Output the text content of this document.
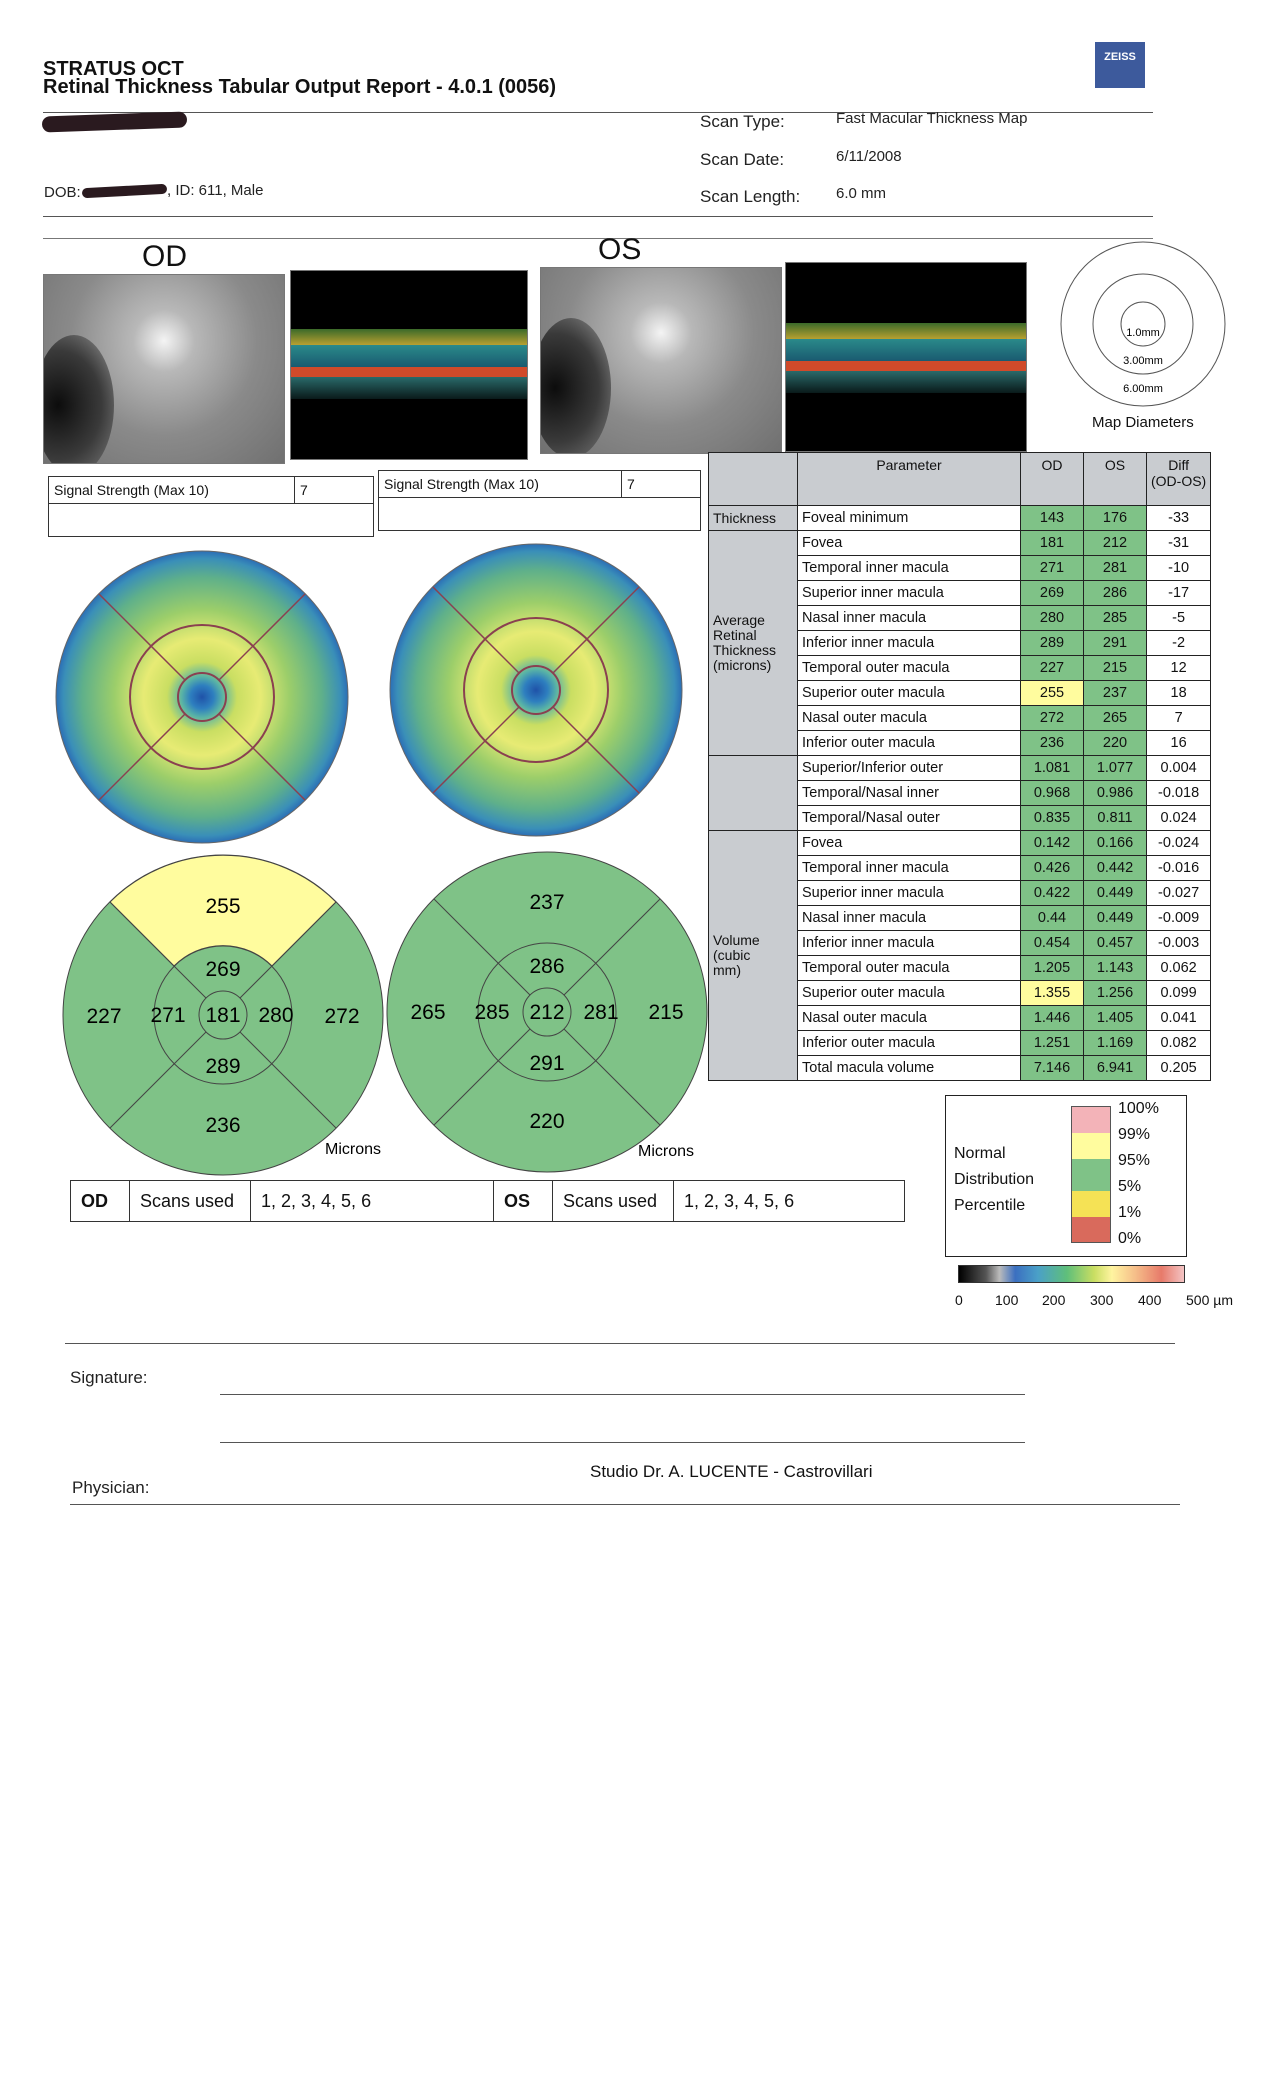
STRATUS OCT
Retinal Thickness Tabular Output Report - 4.0.1 (0056)
ZEISS
Scan Type:	Fast Macular Thickness Map
Scan Date:	6/11/2008
Scan Length: 6.0 mm
DOB:	, ID: 611, Male
OD	OS
1.0mm
3.00mm
6.00mm
Map Diameters
Signal Strength (Max 10)	7	Signal Strength (Max 10)	7

181
269
289
271	280
255
236
227	272
Microns
212
286
291
285	281
237
220
265	215
Microns
	Parameter	OD	OS	Diff
(OD-OS)
Thickness	Foveal minimum	143	176	-33

Average
Retinal
Thickness
(microns)	Fovea	181	212	-31
	Temporal inner macula	271	281	-10
	Superior inner macula	269	286	-17
	Nasal inner macula	280	285	-5
	Inferior inner macula	289	291	-2
	Temporal outer macula	227	215	12
	Superior outer macula	255	237	18
	Nasal outer macula	272	265	7
	Inferior outer macula	236	220	16
	Superior/Inferior outer	1.081	1.077	0.004
	Temporal/Nasal inner	0.968	0.986	-0.018
	Temporal/Nasal outer	0.835	0.811	0.024

Volume
(cubic
mm)	Fovea	0.142	0.166	-0.024
	Temporal inner macula	0.426	0.442	-0.016
	Superior inner macula	0.422	0.449	-0.027
	Nasal inner macula	0.44	0.449	-0.009
	Inferior inner macula	0.454	0.457	-0.003
	Temporal outer macula	1.205	1.143	0.062
	Superior outer macula	1.355	1.256	0.099
	Nasal outer macula	1.446	1.405	0.041
	Inferior outer macula	1.251	1.169	0.082
	Total macula volume	7.146	6.941	0.205
Normal
Distribution
Percentile
100%
99%
95%
5%
1%
0%
0 100 200 300 400 500 µm
OD	Scans used	1, 2, 3, 4, 5, 6	OS	Scans used	1, 2, 3, 4, 5, 6
Signature:
Studio Dr. A. LUCENTE - Castrovillari
Physician:
